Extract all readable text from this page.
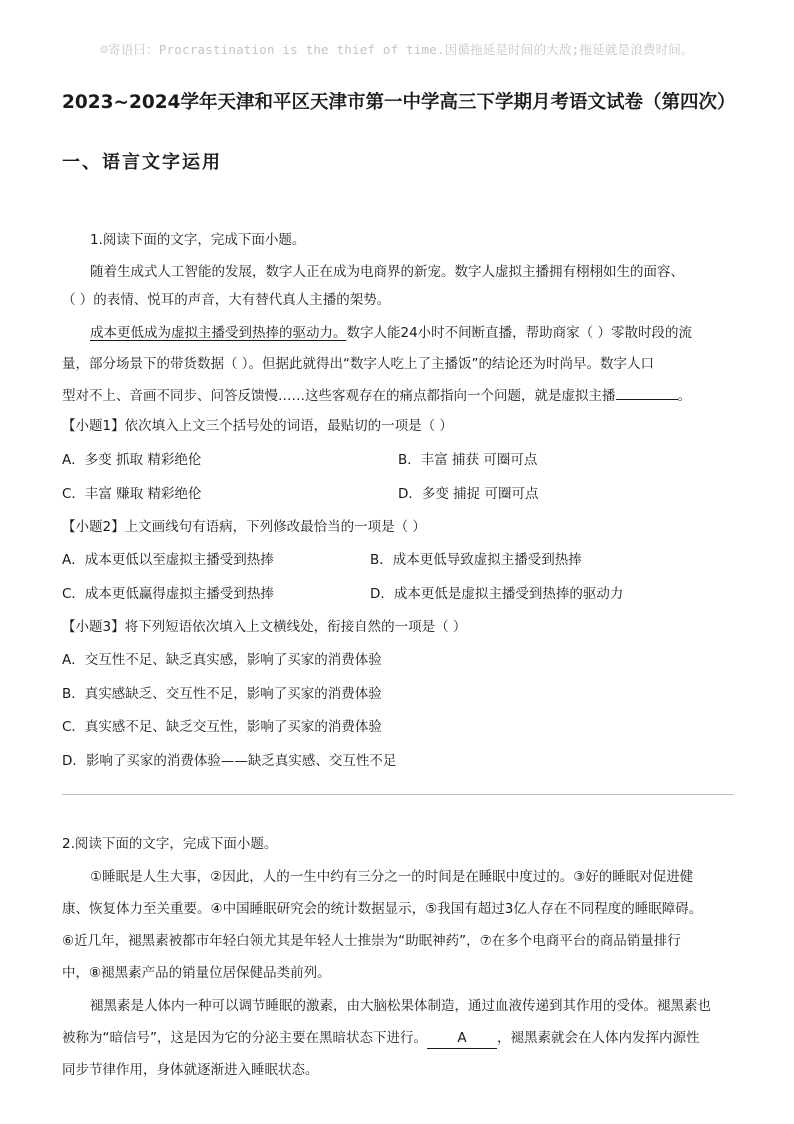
☺寄语曰：Procrastination is the thief of time.因循拖延是时间的大敌;拖延就是浪费时间。
2023~2024学年天津和平区天津市第一中学高三下学期月考语文试卷（第四次）
一、语言文字运用
1.阅读下面的文字，完成下面小题。
随着生成式人工智能的发展，数字人正在成为电商界的新宠。数字人虚拟主播拥有栩栩如生的面容、
（ ）的表情、悦耳的声音，大有替代真人主播的架势。
成本更低成为虚拟主播受到热捧的驱动力。数字人能24小时不间断直播，帮助商家（ ）零散时段的流
量，部分场景下的带货数据（ ）。但据此就得出“数字人吃上了主播饭”的结论还为时尚早。数字人口
型对不上、音画不同步、问答反馈慢……这些客观存在的痛点都指向一个问题，就是虚拟主播	。
【小题1】依次填入上文三个括号处的词语，最贴切的一项是（ ）
A．多变 抓取 精彩绝伦	B．丰富 捕获 可圈可点
C．丰富 赚取 精彩绝伦	D．多变 捕捉 可圈可点
【小题2】上文画线句有语病，下列修改最恰当的一项是（ ）
A．成本更低以至虚拟主播受到热捧	B．成本更低导致虚拟主播受到热捧
C．成本更低赢得虚拟主播受到热捧	D．成本更低是虚拟主播受到热捧的驱动力
【小题3】将下列短语依次填入上文横线处，衔接自然的一项是（ ）
A．交互性不足、缺乏真实感，影响了买家的消费体验
B．真实感缺乏、交互性不足，影响了买家的消费体验
C．真实感不足、缺乏交互性，影响了买家的消费体验
D．影响了买家的消费体验——缺乏真实感、交互性不足
2.阅读下面的文字，完成下面小题。
①睡眠是人生大事，②因此，人的一生中约有三分之一的时间是在睡眠中度过的。③好的睡眠对促进健
康、恢复体力至关重要。④中国睡眠研究会的统计数据显示，⑤我国有超过3亿人存在不同程度的睡眠障碍。
⑥近几年，褪黑素被都市年轻白领尤其是年轻人士推崇为“助眠神药”，⑦在多个电商平台的商品销量排行
中，⑧褪黑素产品的销量位居保健品类前列。
褪黑素是人体内一种可以调节睡眠的激素，由大脑松果体制造，通过血液传递到其作用的受体。褪黑素也
被称为“暗信号”，这是因为它的分泌主要在黑暗状态下进行。 A ，褪黑素就会在人体内发挥内源性
同步节律作用，身体就逐渐进入睡眠状态。
